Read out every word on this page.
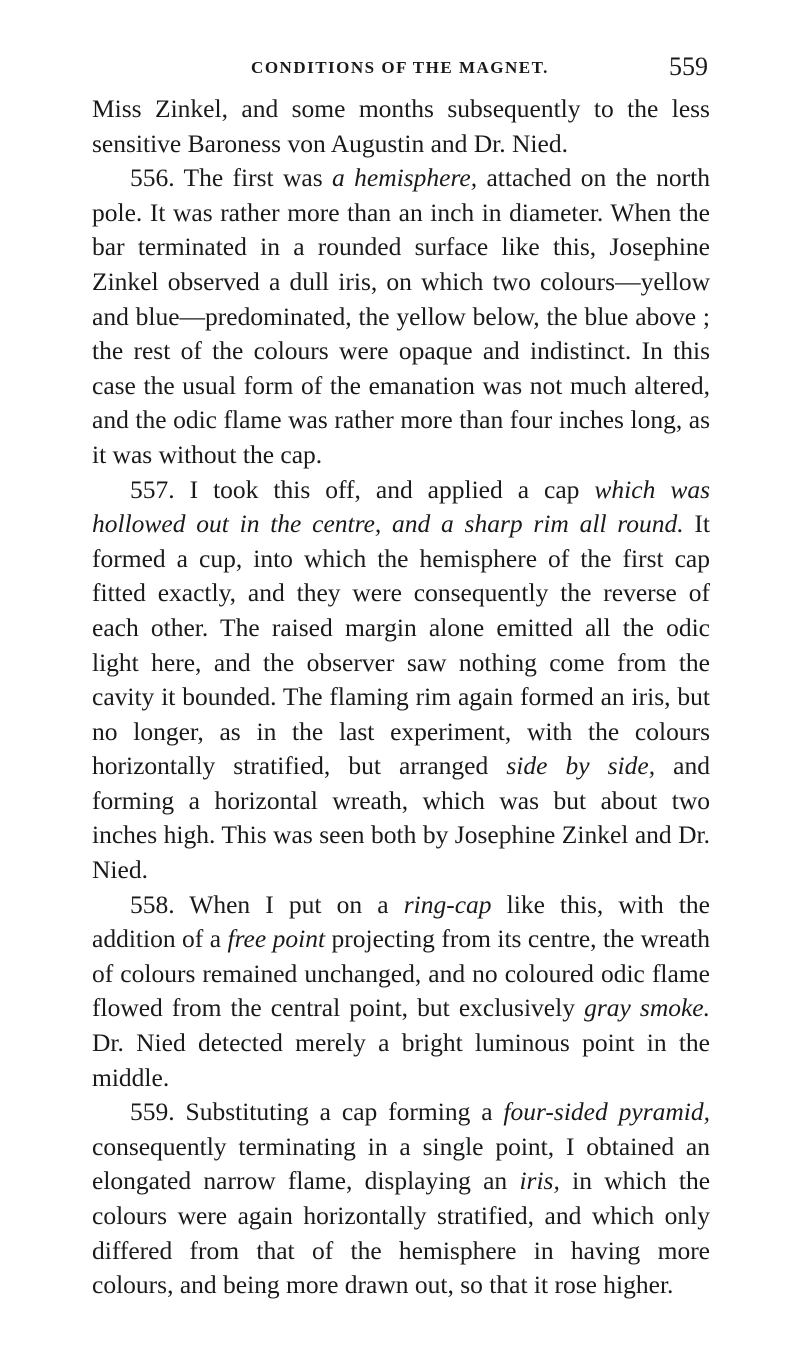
CONDITIONS OF THE MAGNET.	559

Miss Zinkel, and some months subsequently to the less sensitive Baroness von Augustin and Dr. Nied.

556. The first was a hemisphere, attached on the north pole. It was rather more than an inch in diameter. When the bar terminated in a rounded surface like this, Josephine Zinkel observed a dull iris, on which two colours—yellow and blue—predominated, the yellow below, the blue above ; the rest of the colours were opaque and indistinct. In this case the usual form of the emanation was not much altered, and the odic flame was rather more than four inches long, as it was without the cap.

557. I took this off, and applied a cap which was hollowed out in the centre, and a sharp rim all round. It formed a cup, into which the hemisphere of the first cap fitted exactly, and they were consequently the reverse of each other. The raised margin alone emitted all the odic light here, and the observer saw nothing come from the cavity it bounded. The flaming rim again formed an iris, but no longer, as in the last experiment, with the colours horizontally stratified, but arranged side by side, and forming a horizontal wreath, which was but about two inches high. This was seen both by Josephine Zinkel and Dr. Nied.

558. When I put on a ring-cap like this, with the addition of a free point projecting from its centre, the wreath of colours remained unchanged, and no coloured odic flame flowed from the central point, but exclusively gray smoke. Dr. Nied detected merely a bright luminous point in the middle.

559. Substituting a cap forming a four-sided pyramid, consequently terminating in a single point, I obtained an elongated narrow flame, displaying an iris, in which the colours were again horizontally stratified, and which only differed from that of the hemisphere in having more colours, and being more drawn out, so that it rose higher.
